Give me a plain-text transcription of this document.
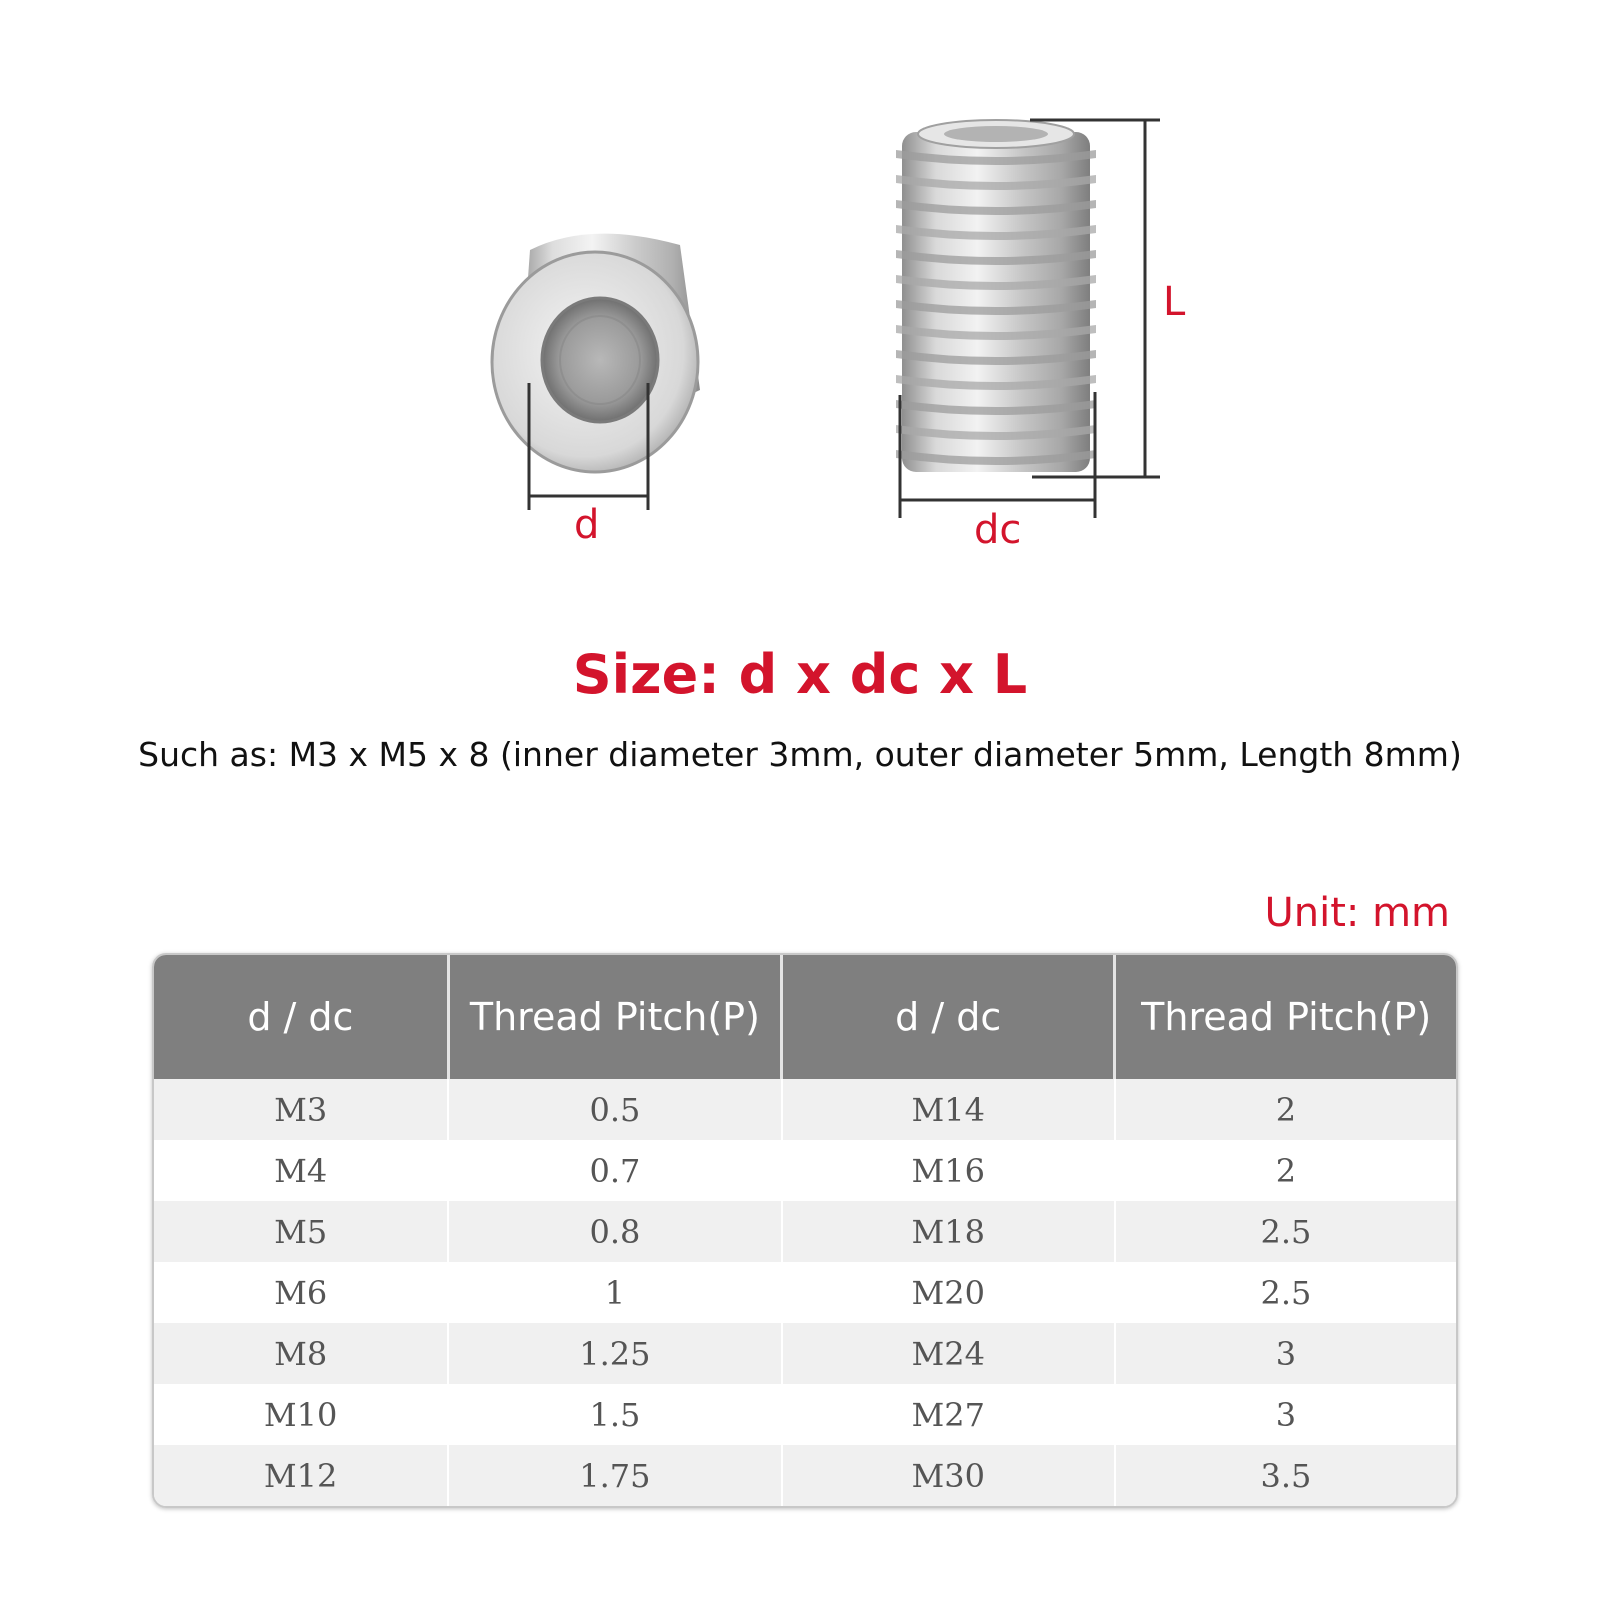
d	dc
L
Size: d x dc x L
Such as: M3 x M5 x 8 (inner diameter 3mm, outer diameter 5mm, Length 8mm)
Unit: mm
d / dc	Thread Pitch(P)	d / dc	Thread Pitch(P)
M3	0.5	M14	2
M4	0.7	M16	2
M5	0.8	M18	2.5
M6	1	M20	2.5
M8	1.25	M24	3
M10	1.5	M27	3
M12	1.75	M30	3.5
